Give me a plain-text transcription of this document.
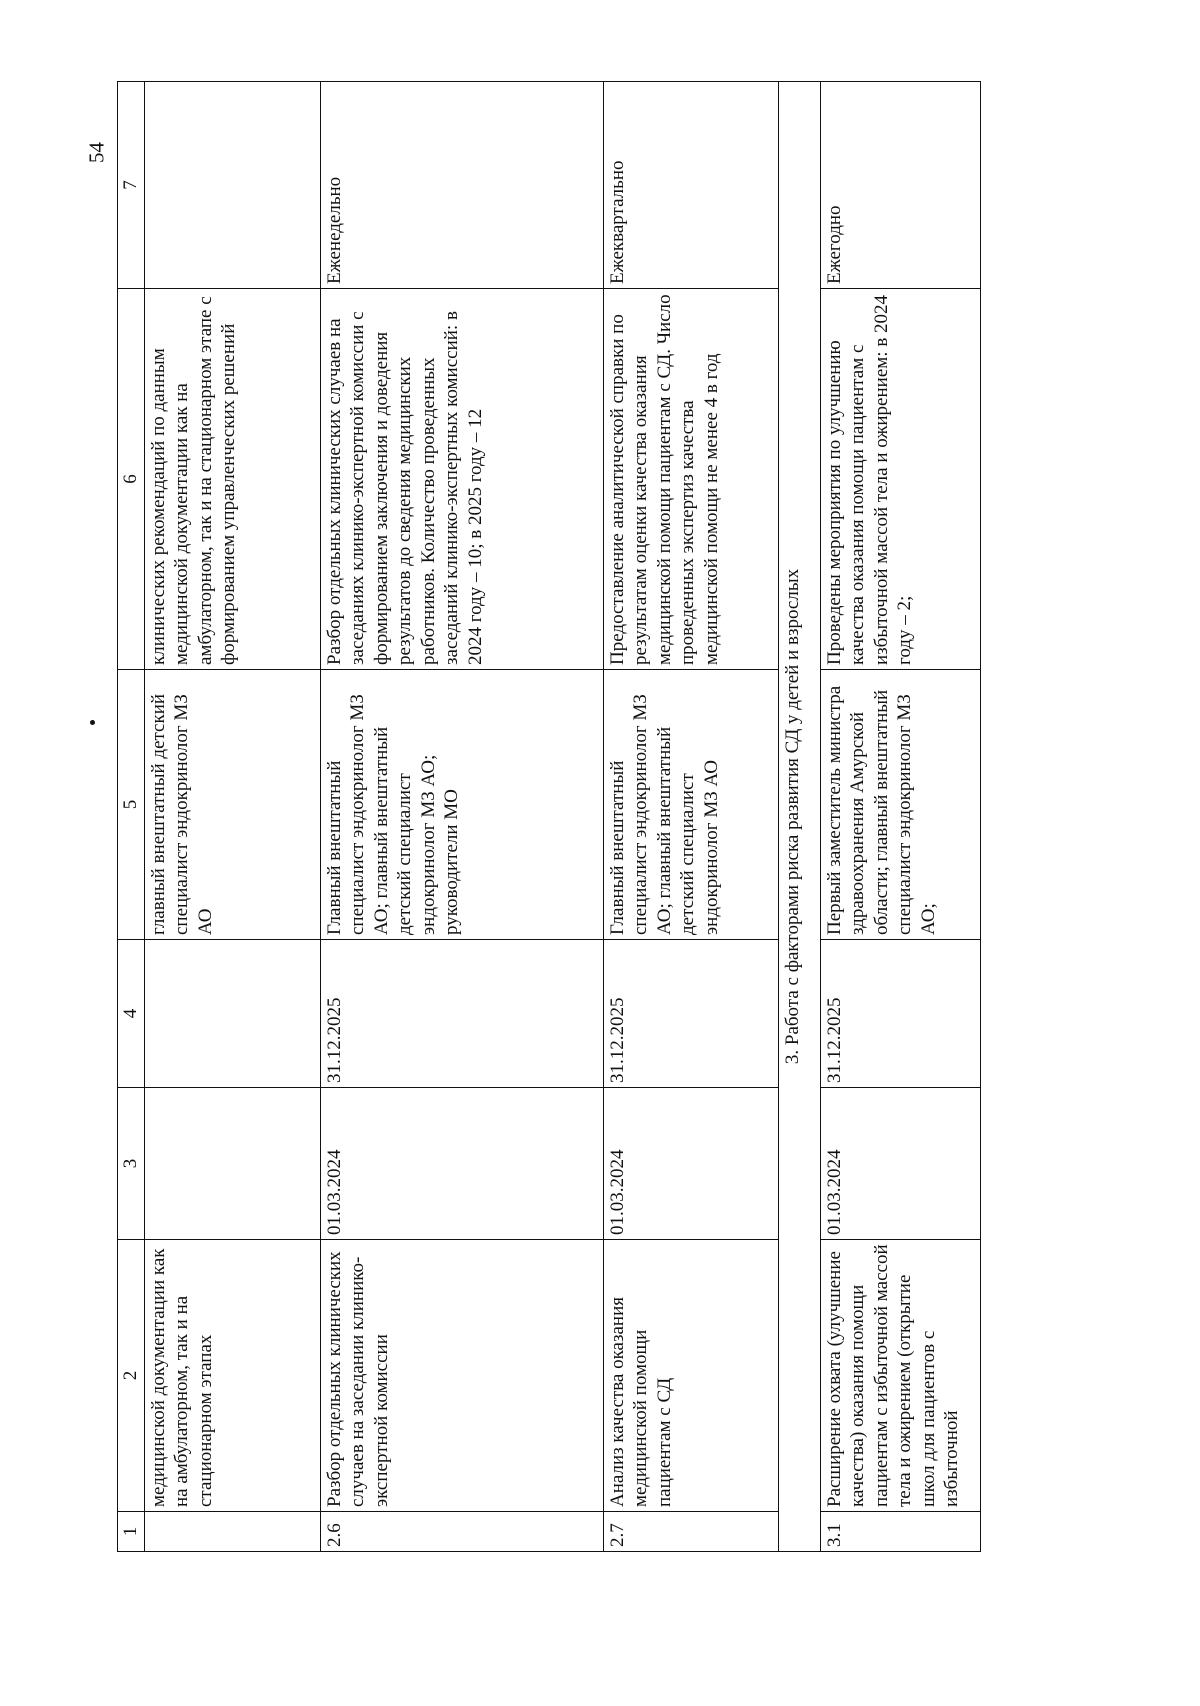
54
1	2	3	4	5	6	7
	медицинской документации как на амбулаторном, так и на стационарном этапах			главный внештатный детский специалист эндокринолог МЗ АО	клинических рекомендаций по данным медицинской документации как на амбулаторном, так и на стационарном этапе с формированием управленческих решений	
2.6	Разбор отдельных клинических случаев на заседании клинико-экспертной комиссии	01.03.2024	31.12.2025	Главный внештатный специалист эндокринолог МЗ АО; главный внештатный детский специалист эндокринолог МЗ АО; руководители МО	Разбор отдельных клинических случаев на заседаниях клинико-экспертной комиссии с формированием заключения и доведения результатов до сведения медицинских работников. Количество проведенных заседаний клинико-экспертных комиссий: в 2024 году – 10; в 2025 году – 12	Еженедельно
2.7	Анализ качества оказания медицинской помощи пациентам с СД	01.03.2024	31.12.2025	Главный внештатный специалист эндокринолог МЗ АО; главный внештатный детский специалист эндокринолог МЗ АО	Предоставление аналитической справки по результатам оценки качества оказания медицинской помощи пациентам с СД. Число проведенных экспертиз качества медицинской помощи не менее 4 в год	Ежеквартально
3. Работа с факторами риска развития СД у детей и взрослых						
3.1	Расширение охвата (улучшение качества) оказания помощи пациентам с избыточной массой тела и ожирением (открытие школ для пациентов с избыточной	01.03.2024	31.12.2025	Первый заместитель министра здравоохранения Амурской области; главный внештатный специалист эндокринолог МЗ АО;	Проведены мероприятия по улучшению качества оказания помощи пациентам с избыточной массой тела и ожирением: в 2024 году – 2;	Ежегодно
